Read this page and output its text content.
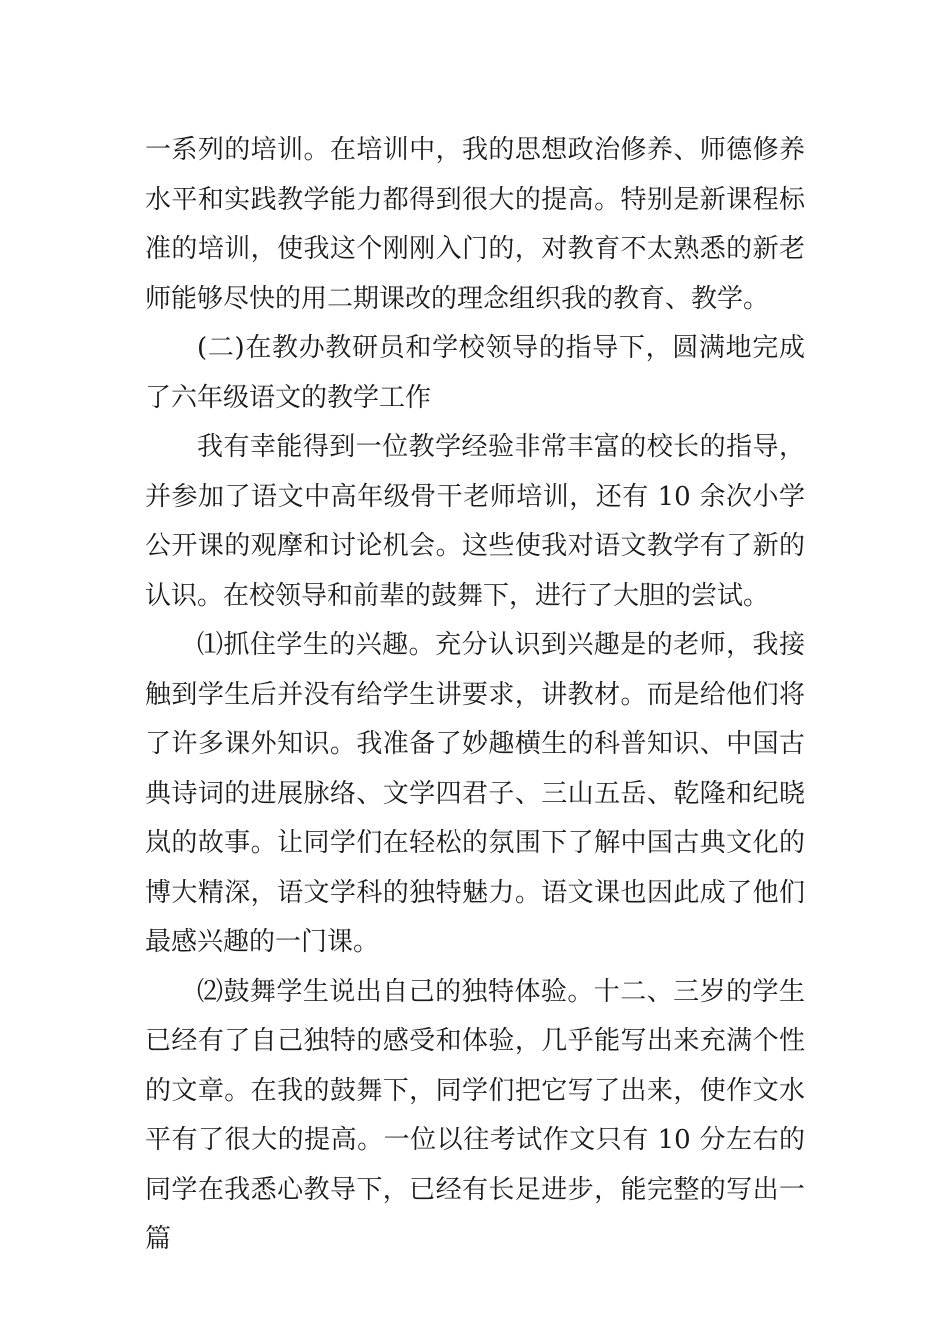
一系列的培训。在培训中，我的思想政治修养、师德修养水平和实践教学能力都得到很大的提高。特别是新课程标准的培训，使我这个刚刚入门的，对教育不太熟悉的新老师能够尽快的用二期课改的理念组织我的教育、教学。

(二)在教办教研员和学校领导的指导下，圆满地完成了六年级语文的教学工作

我有幸能得到一位教学经验非常丰富的校长的指导，并参加了语文中高年级骨干老师培训，还有 10 余次小学公开课的观摩和讨论机会。这些使我对语文教学有了新的认识。在校领导和前辈的鼓舞下，进行了大胆的尝试。

⑴抓住学生的兴趣。充分认识到兴趣是的老师，我接触到学生后并没有给学生讲要求，讲教材。而是给他们将了许多课外知识。我准备了妙趣横生的科普知识、中国古典诗词的进展脉络、文学四君子、三山五岳、乾隆和纪晓岚的故事。让同学们在轻松的氛围下了解中国古典文化的博大精深，语文学科的独特魅力。语文课也因此成了他们最感兴趣的一门课。

⑵鼓舞学生说出自己的独特体验。十二、三岁的学生已经有了自己独特的感受和体验，几乎能写出来充满个性的文章。在我的鼓舞下，同学们把它写了出来，使作文水平有了很大的提高。一位以往考试作文只有 10 分左右的同学在我悉心教导下，已经有长足进步，能完整的写出一篇
